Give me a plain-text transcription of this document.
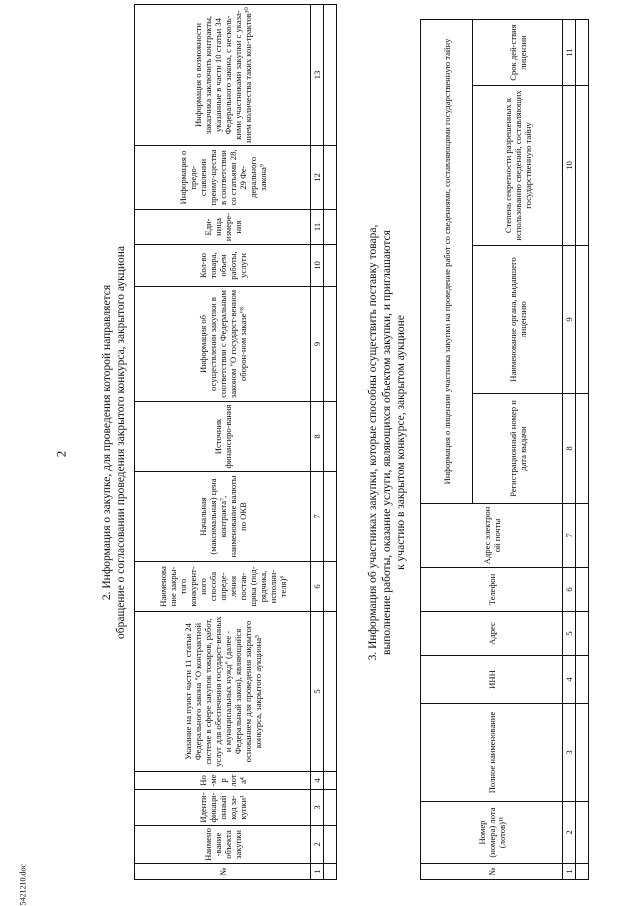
2
5421210.doc
2. Информация о закупке, для проведения которой направляется обращение о согласовании проведения закрытого конкурса, закрытого аукциона
№	Наимено-вание объекта закупки	Иденти-фикаци-онный код за-купки¹	Но-мер лота⁴	Указание на пункт части 11 статьи 24 Федерального закона "О контрактной системе в сфере закупок товаров, работ, услуг для обеспечения государст-венных и муниципальных нужд" (далее - Федеральный закон), являющийся основанием для проведения закрытого конкурса, закрытого аукциона⁵	Наименова ние закры-того конкурент-ного способа опреде-ления постав-щика (под-рядчика, исполни-теля)⁶	Начальная (максимальная) цена контракта⁷, наименование валюты по ОКВ	Источник финансиро-вания	Информация об осуществлении закупки в соответствии с Федеральным законом "О государст-венном оборон-ном заказе"⁸	Кол-во товара, объем работы, услуги	Еди-ница измере-ния	Информация о предо-ставлении преиму-щества в соответствии со статьями 28, 29 Фе-дерального закона⁹	Информация о возможности заказчика заключить контракты, указанные в части 10 статьи 34 Федерального закона, с несколь-кими участниками закупки с указа-нием количества таких кон-трактов¹⁰
1	2	3	4	5	6	7	8	9	10	11	12	13

3. Информация об участниках закупки, которые способны осуществить поставку товара, выполнение работы, оказание услуги, являющихся объектом закупки, и приглашаются к участию в закрытом конкурсе, закрытом аукционе
№	Номер (номера) лота (лотов)¹¹	Полное наименование	ИНН	Адрес	Телефон	Адрес электрон ой почты	Информация о лицензии участника закупки на проведение работ со сведениями, составляющими государственную тайну			
							Регистрационный номер и дата выдачи	Наименование органа, выдавшего лицензию	Степень секретности разрешенных к использованию сведений, составляющих государственную тайну	Срок дей-ствия лицензии
1	2	3	4	5	6	7	8	9	10	11
